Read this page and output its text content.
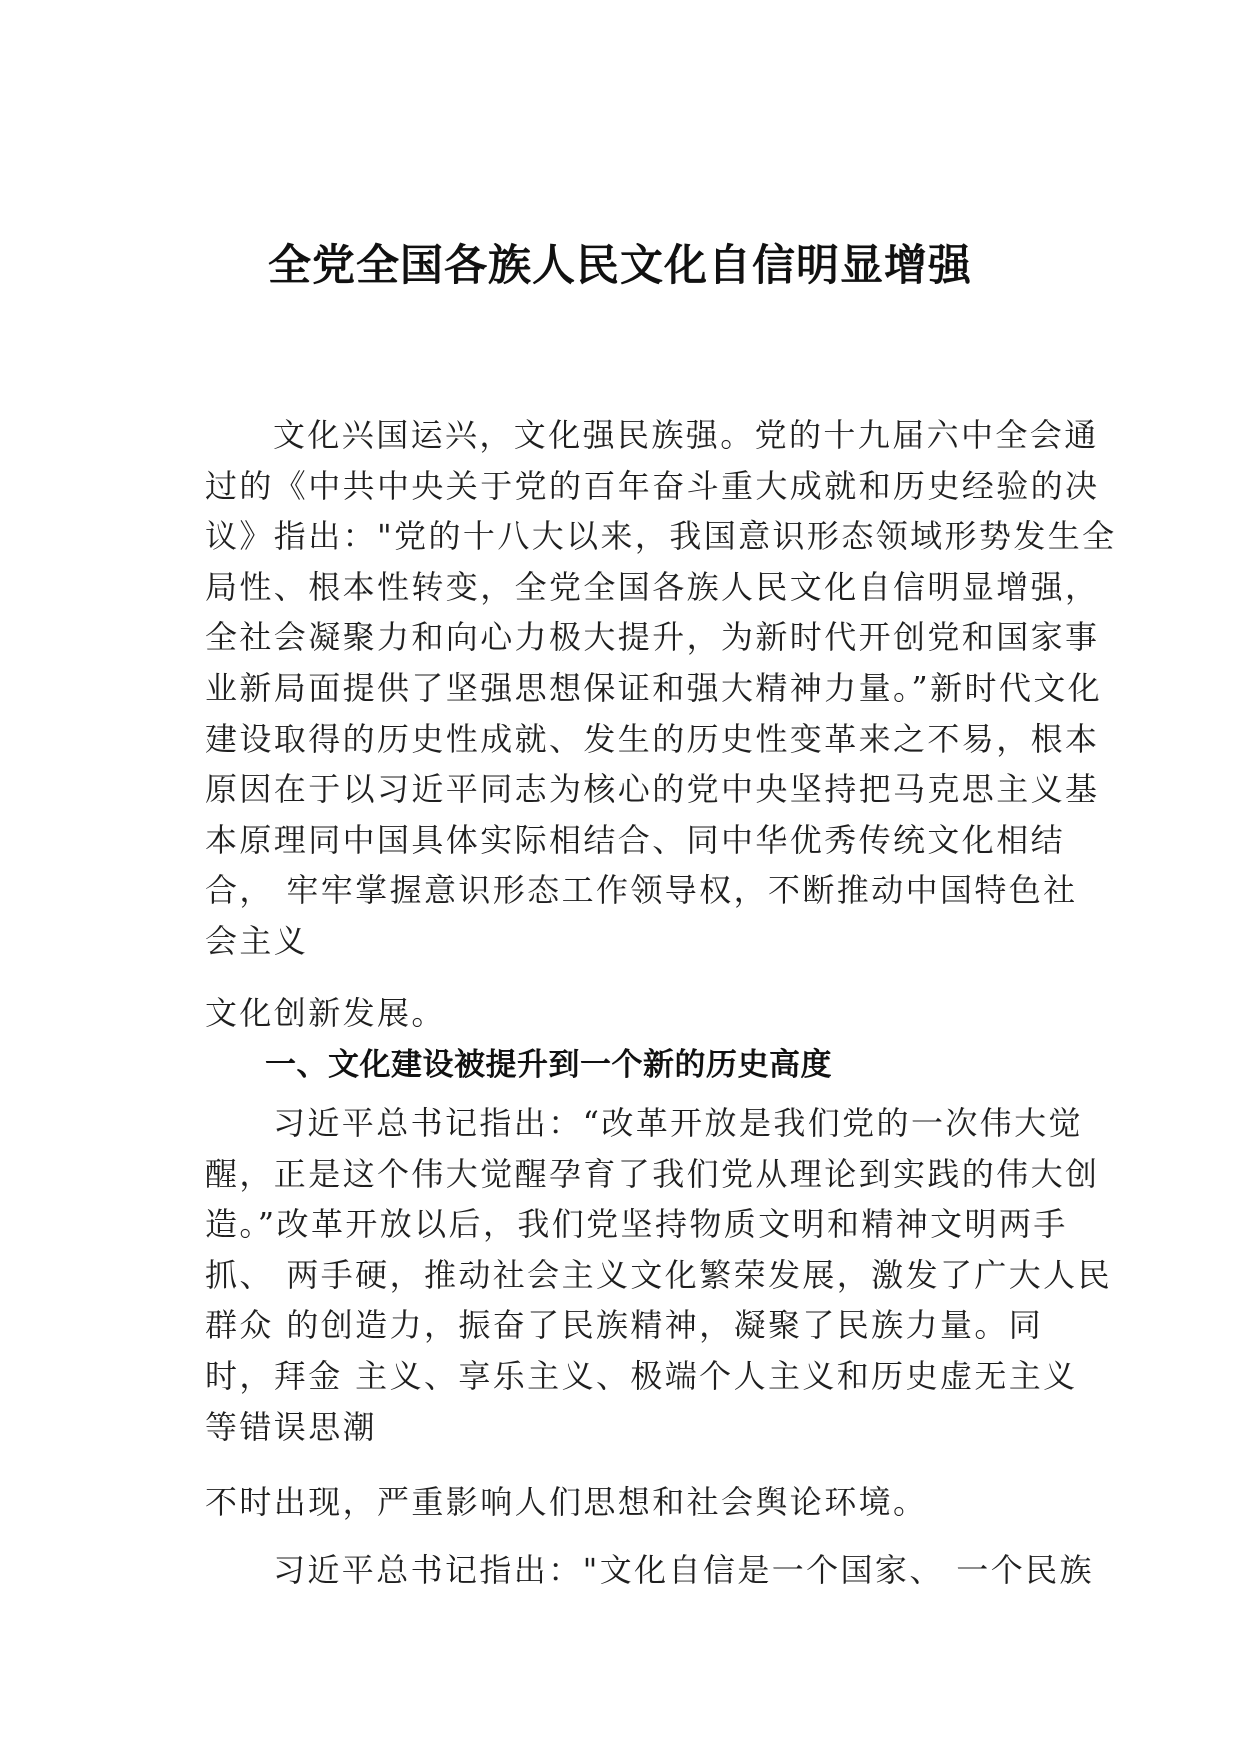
全党全国各族人民文化自信明显增强
文化兴国运兴，文化强民族强。党的十九届六中全会通
过的《中共中央关于党的百年奋斗重大成就和历史经验的决
议》指出："党的十八大以来，我国意识形态领域形势发生全
局性、根本性转变，全党全国各族人民文化自信明显增强，
全社会凝聚力和向心力极大提升，为新时代开创党和国家事
业新局面提供了坚强思想保证和强大精神力量。”新时代文化
建设取得的历史性成就、发生的历史性变革来之不易，根本
原因在于以习近平同志为核心的党中央坚持把马克思主义基
本原理同中国具体实际相结合、同中华优秀传统文化相结
合， 牢牢掌握意识形态工作领导权，不断推动中国特色社
会主义
文化创新发展。
一、文化建设被提升到一个新的历史高度
习近平总书记指出：“改革开放是我们党的一次伟大觉
醒，正是这个伟大觉醒孕育了我们党从理论到实践的伟大创
造。”改革开放以后，我们党坚持物质文明和精神文明两手
抓、 两手硬，推动社会主义文化繁荣发展，激发了广大人民
群众 的创造力，振奋了民族精神，凝聚了民族力量。同
时，拜金 主义、享乐主义、极端个人主义和历史虚无主义
等错误思潮
不时出现，严重影响人们思想和社会舆论环境。
习近平总书记指出："文化自信是一个国家、 一个民族
